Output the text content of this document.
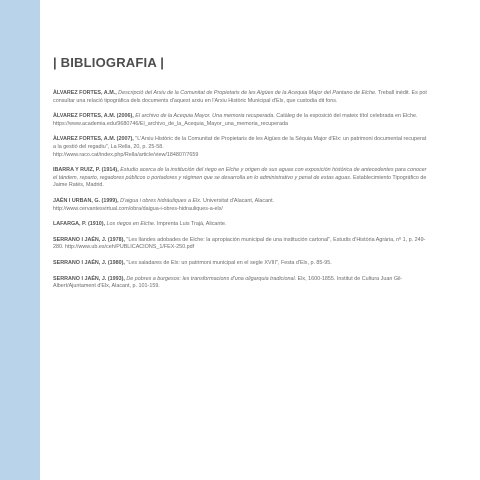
| BIBLIOGRAFIA |
ÀLVAREZ FORTES, A.M., Descripció del Arxiu de la Comunitat de Propietaris de les Aigües de la Acequia Major del Pantano de Elche. Treball inèdit. Es pot consultar una relació tipogràfica dels documents d'aquest arxiu en l'Arxiu Històric Municipal d'Elx, que custodia dit fons.
ÀLVAREZ FORTES, A.M. (2006), El archivo de la Acequia Mayor. Una memoria recuperada. Catàleg de la exposició del mateix títol celebrada en Elche. https://www.academia.edu/9680746/El_archivo_de_la_Acequia_Mayor_una_memoria_recuperada
ÀLVAREZ FORTES, A.M. (2007), "L'Arxiu Històric de la Comunitat de Propietaris de les Aigües de la Séquia Major d'Elx: un patrimoni documental recuperat a la gestió del regadiu", La Rella, 20, p. 25-58.
http://www.raco.cat/index.php/Rella/article/view/184807/7659
IBARRA Y RUIZ, P. (1914), Estudio acerca de la institución del riego en Elche y origen de sus aguas con exposición histórica de antecedentes para conocer el tándem, reparto, regadores públicos o portadores y régimen que se desarrolla en lo administrativo y penal de estas aguas. Establecimiento Tipográfico de Jaime Ratés, Madrid.
JAÉN I URBAN, G. (1999), D'aigua i obres hidràuliques a Elx. Universitat d'Alacant, Alacant.
http://www.cervantesvirtual.com/obra/daigua-i-obres-hidrauliques-a-elx/
LAFARGA, P. (1910), Los riegos en Elche. Imprenta Luis Trajá, Alicante.
SERRANO I JAÉN, J. (1978), "Les llandes adobades de Elche: la apropiación municipal de una institución cartonal", Estudis d'Història Agrària, nº 1, p. 249-280. http://www.ub.es/ceh/PUBLICACIONS_1/FEX-250.pdf
SERRANO I JAÉN, J. (1980), "Les saladares de Elx: un patrimoni municipal en el segle XVIII", Festa d'Elx, p. 85-95.
SERRANO I JAÉN, J. (1993), De pobres a burgesos: les transformacions d'una oligarquia tradicional. Elx, 1600-1855. Institut de Cultura Juan Gil-Albert/Ajuntament d'Elx, Alacant, p. 101-159.
